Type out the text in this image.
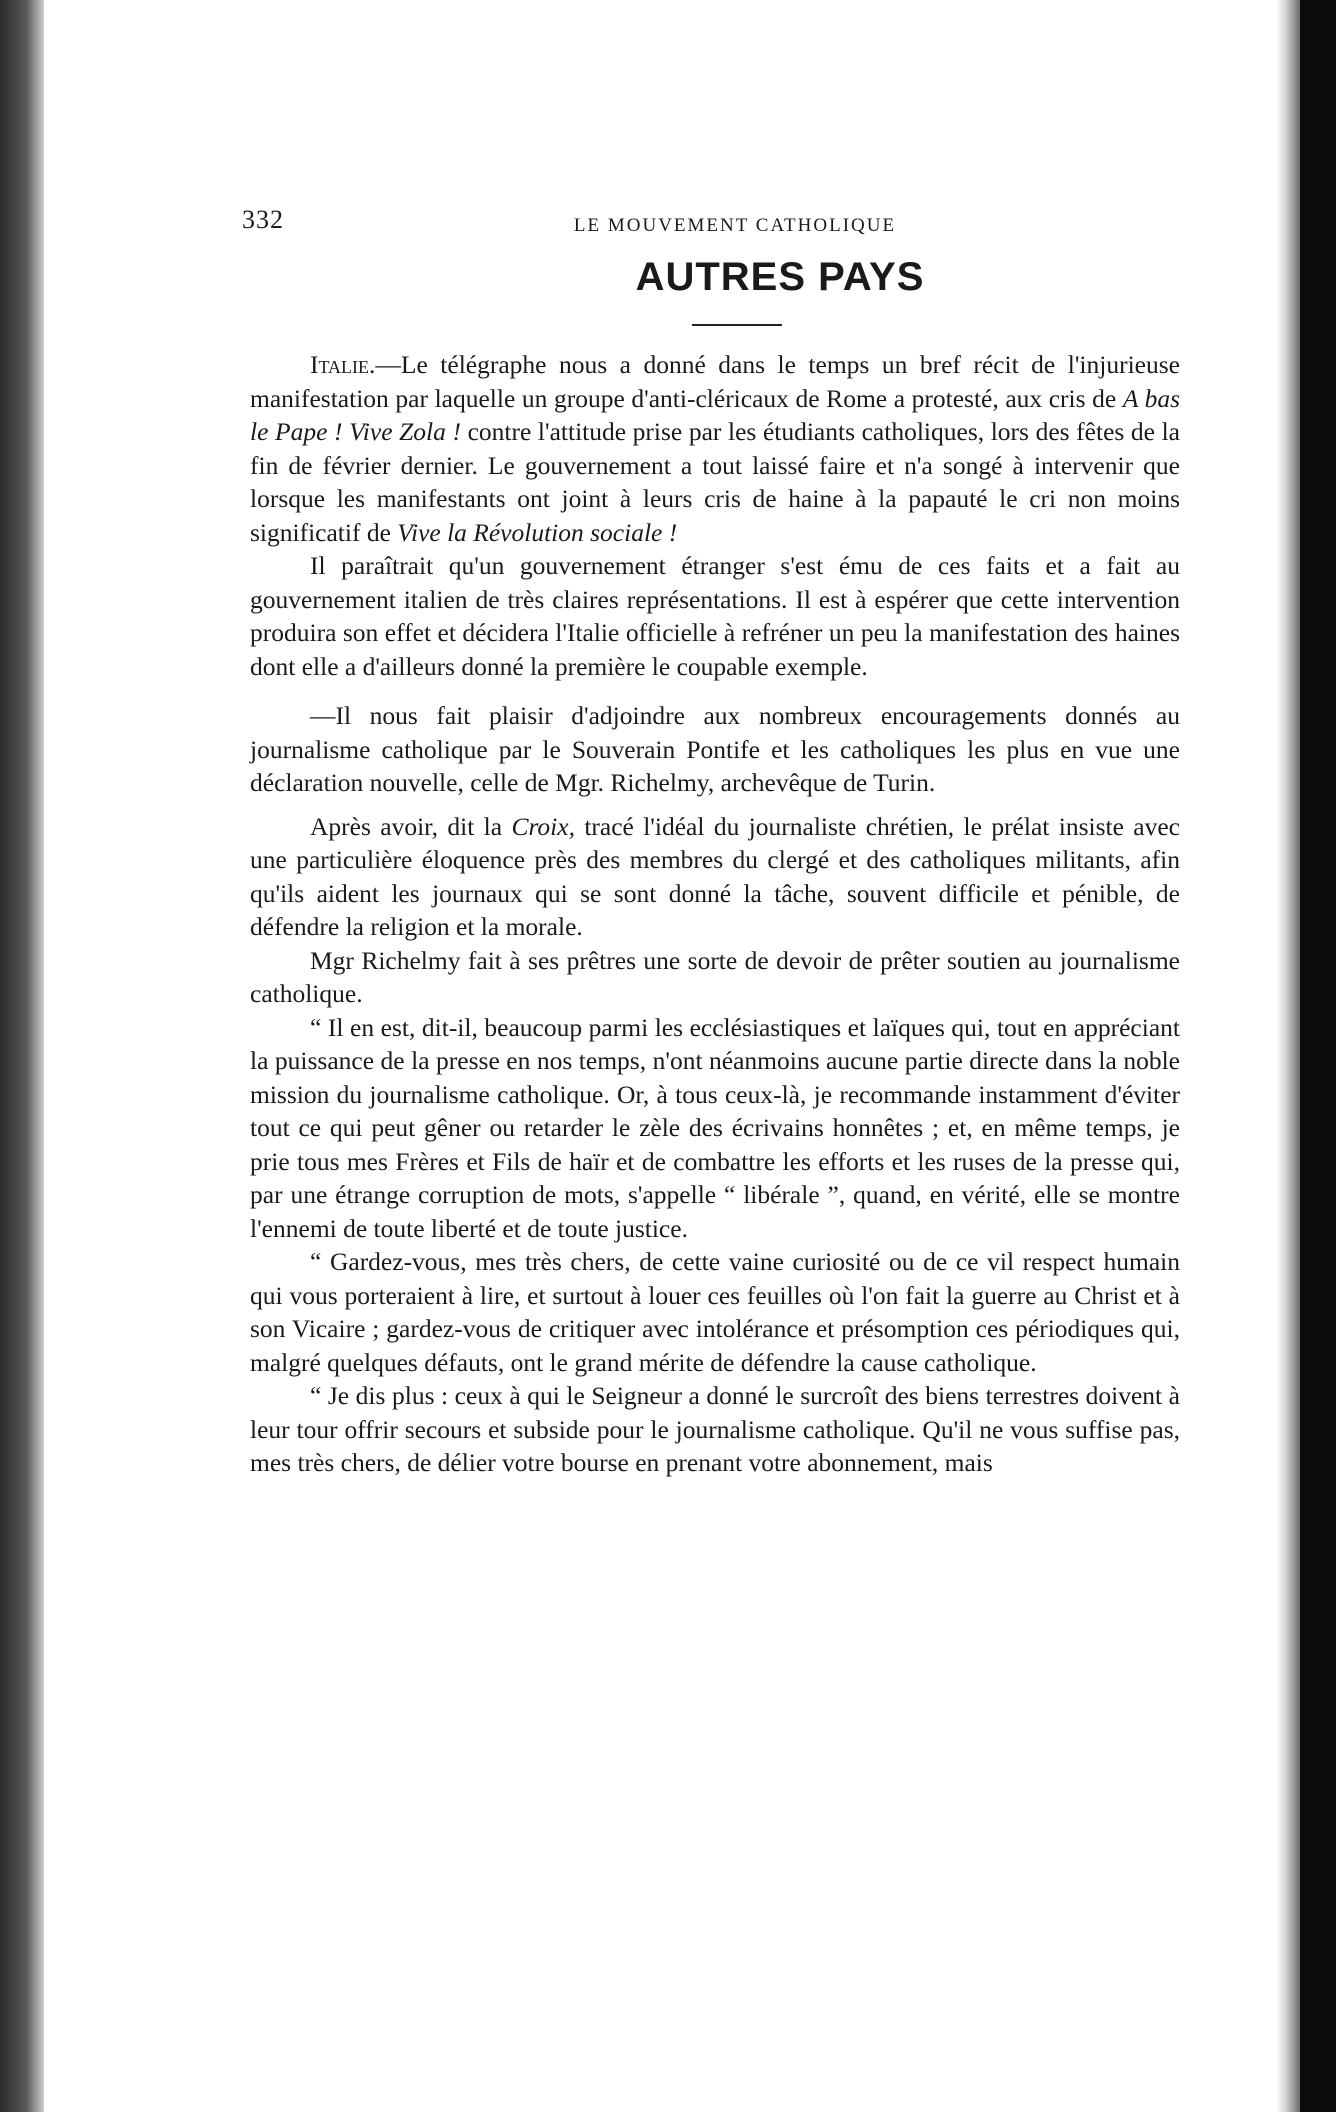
332	LE MOUVEMENT CATHOLIQUE
AUTRES PAYS

Italie.—Le télégraphe nous a donné dans le temps un bref récit de l'injurieuse manifestation par laquelle un groupe d'anti-cléricaux de Rome a protesté, aux cris de A bas le Pape ! Vive Zola ! contre l'attitude prise par les étudiants catholiques, lors des fêtes de la fin de février dernier. Le gouvernement a tout laissé faire et n'a songé à intervenir que lorsque les manifestants ont joint à leurs cris de haine à la papauté le cri non moins significatif de Vive la Révolution sociale !

Il paraîtrait qu'un gouvernement étranger s'est ému de ces faits et a fait au gouvernement italien de très claires représentations. Il est à espérer que cette intervention produira son effet et décidera l'Italie officielle à refréner un peu la manifestation des haines dont elle a d'ailleurs donné la première le coupable exemple.

—Il nous fait plaisir d'adjoindre aux nombreux encouragements donnés au journalisme catholique par le Souverain Pontife et les catholiques les plus en vue une déclaration nouvelle, celle de Mgr. Richelmy, archevêque de Turin.

Après avoir, dit la Croix, tracé l'idéal du journaliste chrétien, le prélat insiste avec une particulière éloquence près des membres du clergé et des catholiques militants, afin qu'ils aident les journaux qui se sont donné la tâche, souvent difficile et pénible, de défendre la religion et la morale.

Mgr Richelmy fait à ses prêtres une sorte de devoir de prêter soutien au journalisme catholique.

“ Il en est, dit-il, beaucoup parmi les ecclésiastiques et laïques qui, tout en appréciant la puissance de la presse en nos temps, n'ont néanmoins aucune partie directe dans la noble mission du journalisme catholique. Or, à tous ceux-là, je recommande instamment d'éviter tout ce qui peut gêner ou retarder le zèle des écrivains honnêtes ; et, en même temps, je prie tous mes Frères et Fils de haïr et de combattre les efforts et les ruses de la presse qui, par une étrange corruption de mots, s'appelle “ libérale ”, quand, en vérité, elle se montre l'ennemi de toute liberté et de toute justice.

“ Gardez-vous, mes très chers, de cette vaine curiosité ou de ce vil respect humain qui vous porteraient à lire, et surtout à louer ces feuilles où l'on fait la guerre au Christ et à son Vicaire ; gardez-vous de critiquer avec intolérance et présomption ces périodiques qui, malgré quelques défauts, ont le grand mérite de défendre la cause catholique.

“ Je dis plus : ceux à qui le Seigneur a donné le surcroît des biens terrestres doivent à leur tour offrir secours et subside pour le journalisme catholique. Qu'il ne vous suffise pas, mes très chers, de délier votre bourse en prenant votre abonnement, mais
